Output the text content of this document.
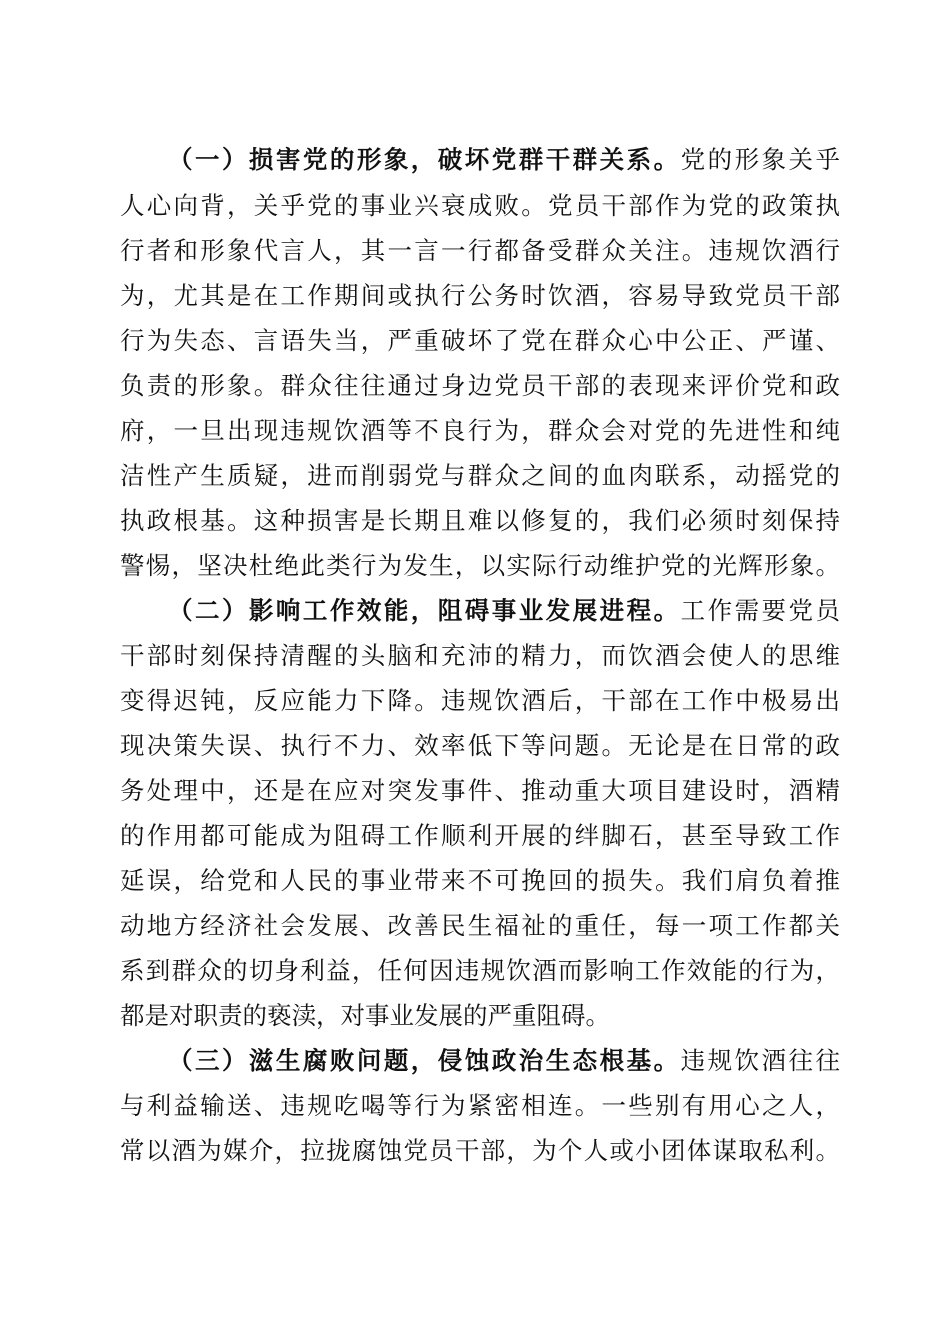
（一）损害党的形象，破坏党群干群关系。党的形象关乎
人心向背，关乎党的事业兴衰成败。党员干部作为党的政策执
行者和形象代言人，其一言一行都备受群众关注。违规饮酒行
为，尤其是在工作期间或执行公务时饮酒，容易导致党员干部
行为失态、言语失当，严重破坏了党在群众心中公正、严谨、
负责的形象。群众往往通过身边党员干部的表现来评价党和政
府，一旦出现违规饮酒等不良行为，群众会对党的先进性和纯
洁性产生质疑，进而削弱党与群众之间的血肉联系，动摇党的
执政根基。这种损害是长期且难以修复的，我们必须时刻保持
警惕，坚决杜绝此类行为发生，以实际行动维护党的光辉形象。
（二）影响工作效能，阻碍事业发展进程。工作需要党员
干部时刻保持清醒的头脑和充沛的精力，而饮酒会使人的思维
变得迟钝，反应能力下降。违规饮酒后，干部在工作中极易出
现决策失误、执行不力、效率低下等问题。无论是在日常的政
务处理中，还是在应对突发事件、推动重大项目建设时，酒精
的作用都可能成为阻碍工作顺利开展的绊脚石，甚至导致工作
延误，给党和人民的事业带来不可挽回的损失。我们肩负着推
动地方经济社会发展、改善民生福祉的重任，每一项工作都关
系到群众的切身利益，任何因违规饮酒而影响工作效能的行为，
都是对职责的亵渎，对事业发展的严重阻碍。
（三）滋生腐败问题，侵蚀政治生态根基。违规饮酒往往
与利益输送、违规吃喝等行为紧密相连。一些别有用心之人，
常以酒为媒介，拉拢腐蚀党员干部，为个人或小团体谋取私利。
